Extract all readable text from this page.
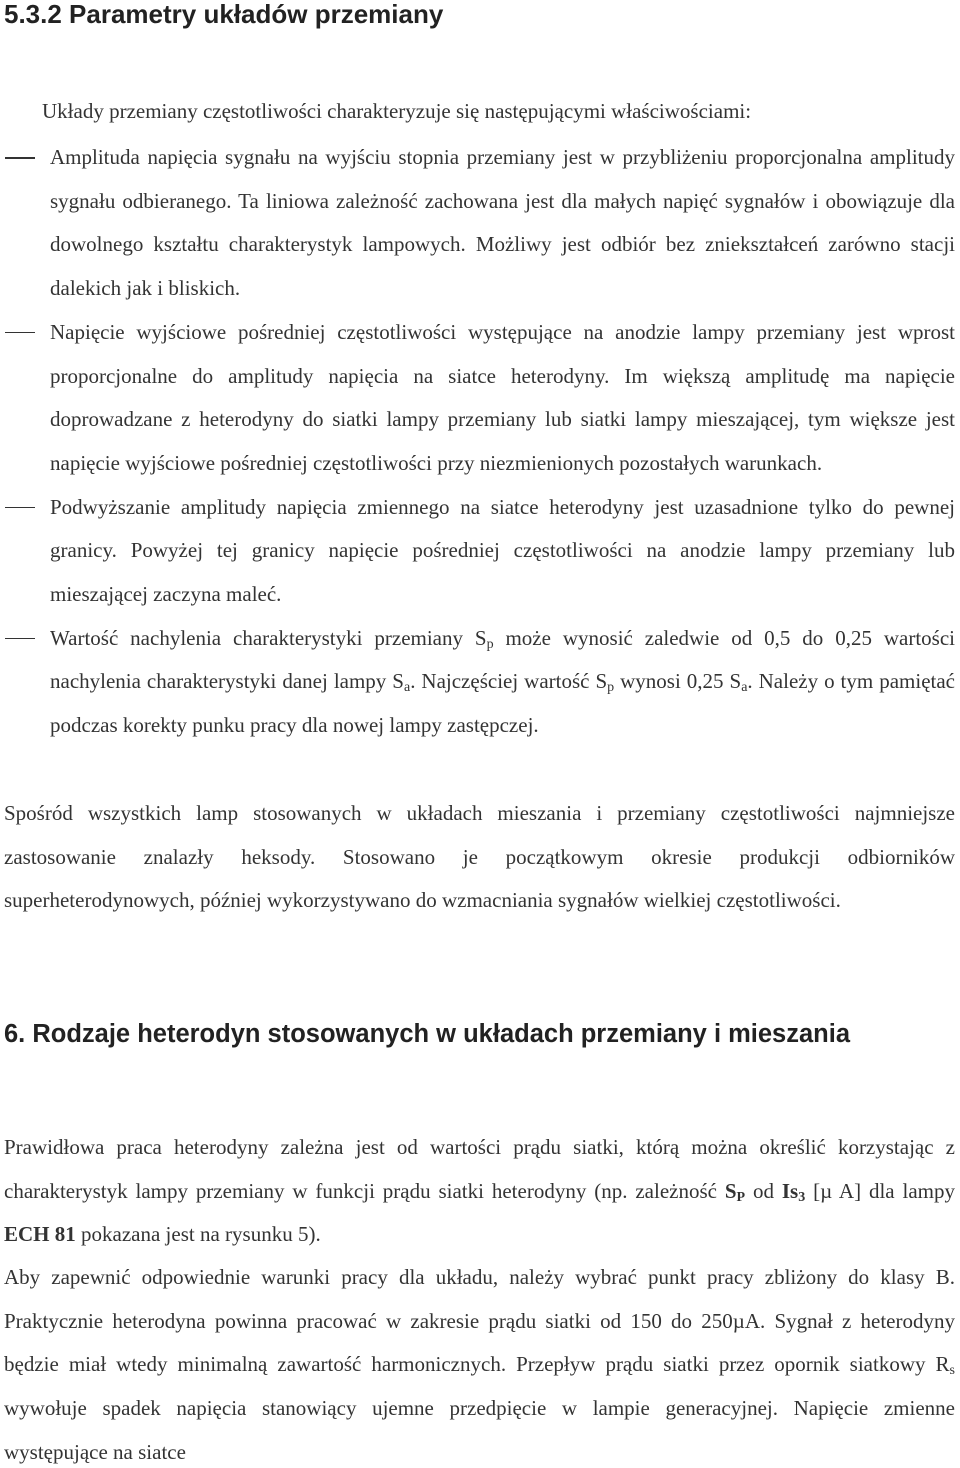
5.3.2 Parametry układów przemiany

Układy przemiany częstotliwości charakteryzuje się następującymi właściwościami:

Amplituda napięcia sygnału na wyjściu stopnia przemiany jest w przybliżeniu proporcjonalna amplitudy sygnału odbieranego. Ta liniowa zależność zachowana jest dla małych napięć sygnałów i obowiązuje dla dowolnego kształtu charakterystyk lampowych. Możliwy jest odbiór bez zniekształceń zarówno stacji dalekich jak i bliskich.
Napięcie wyjściowe pośredniej częstotliwości występujące na anodzie lampy przemiany jest wprost proporcjonalne do amplitudy napięcia na siatce heterodyny. Im większą amplitudę ma napięcie doprowadzane z heterodyny do siatki lampy przemiany lub siatki lampy mieszającej, tym większe jest napięcie wyjściowe pośredniej częstotliwości przy niezmienionych pozostałych warunkach.
Podwyższanie amplitudy napięcia zmiennego na siatce heterodyny jest uzasadnione tylko do pewnej granicy. Powyżej tej granicy napięcie pośredniej częstotliwości na anodzie lampy przemiany lub mieszającej zaczyna maleć.
Wartość nachylenia charakterystyki przemiany $S_p$ może wynosić zaledwie od 0,5 do 0,25 wartości nachylenia charakterystyki danej lampy $S_a$. Najczęściej wartość $S_p$ wynosi 0,25 $S_a$. Należy o tym pamiętać podczas korekty punku pracy dla nowej lampy zastępczej.

Spośród wszystkich lamp stosowanych w układach mieszania i przemiany częstotliwości najmniejsze zastosowanie znalazły heksody. Stosowano je początkowym okresie produkcji odbiorników superheterodynowych, później wykorzystywano do wzmacniania sygnałów wielkiej częstotliwości.

6. Rodzaje heterodyn stosowanych w układach przemiany i mieszania

Prawidłowa praca heterodyny zależna jest od wartości prądu siatki, którą można określić korzystając z charakterystyk lampy przemiany w funkcji prądu siatki heterodyny (np. zależność $S_P$ od $Is_3$ [µ A] dla lampy ECH 81 pokazana jest na rysunku 5).

Aby zapewnić odpowiednie warunki pracy dla układu, należy wybrać punkt pracy zbliżony do klasy B. Praktycznie heterodyna powinna pracować w zakresie prądu siatki od 150 do 250µA. Sygnał z heterodyny będzie miał wtedy minimalną zawartość harmonicznych. Przepływ prądu siatki przez opornik siatkowy $R_s$ wywołuje spadek napięcia stanowiący ujemne przedpięcie w lampie generacyjnej. Napięcie zmienne występujące na siatce
